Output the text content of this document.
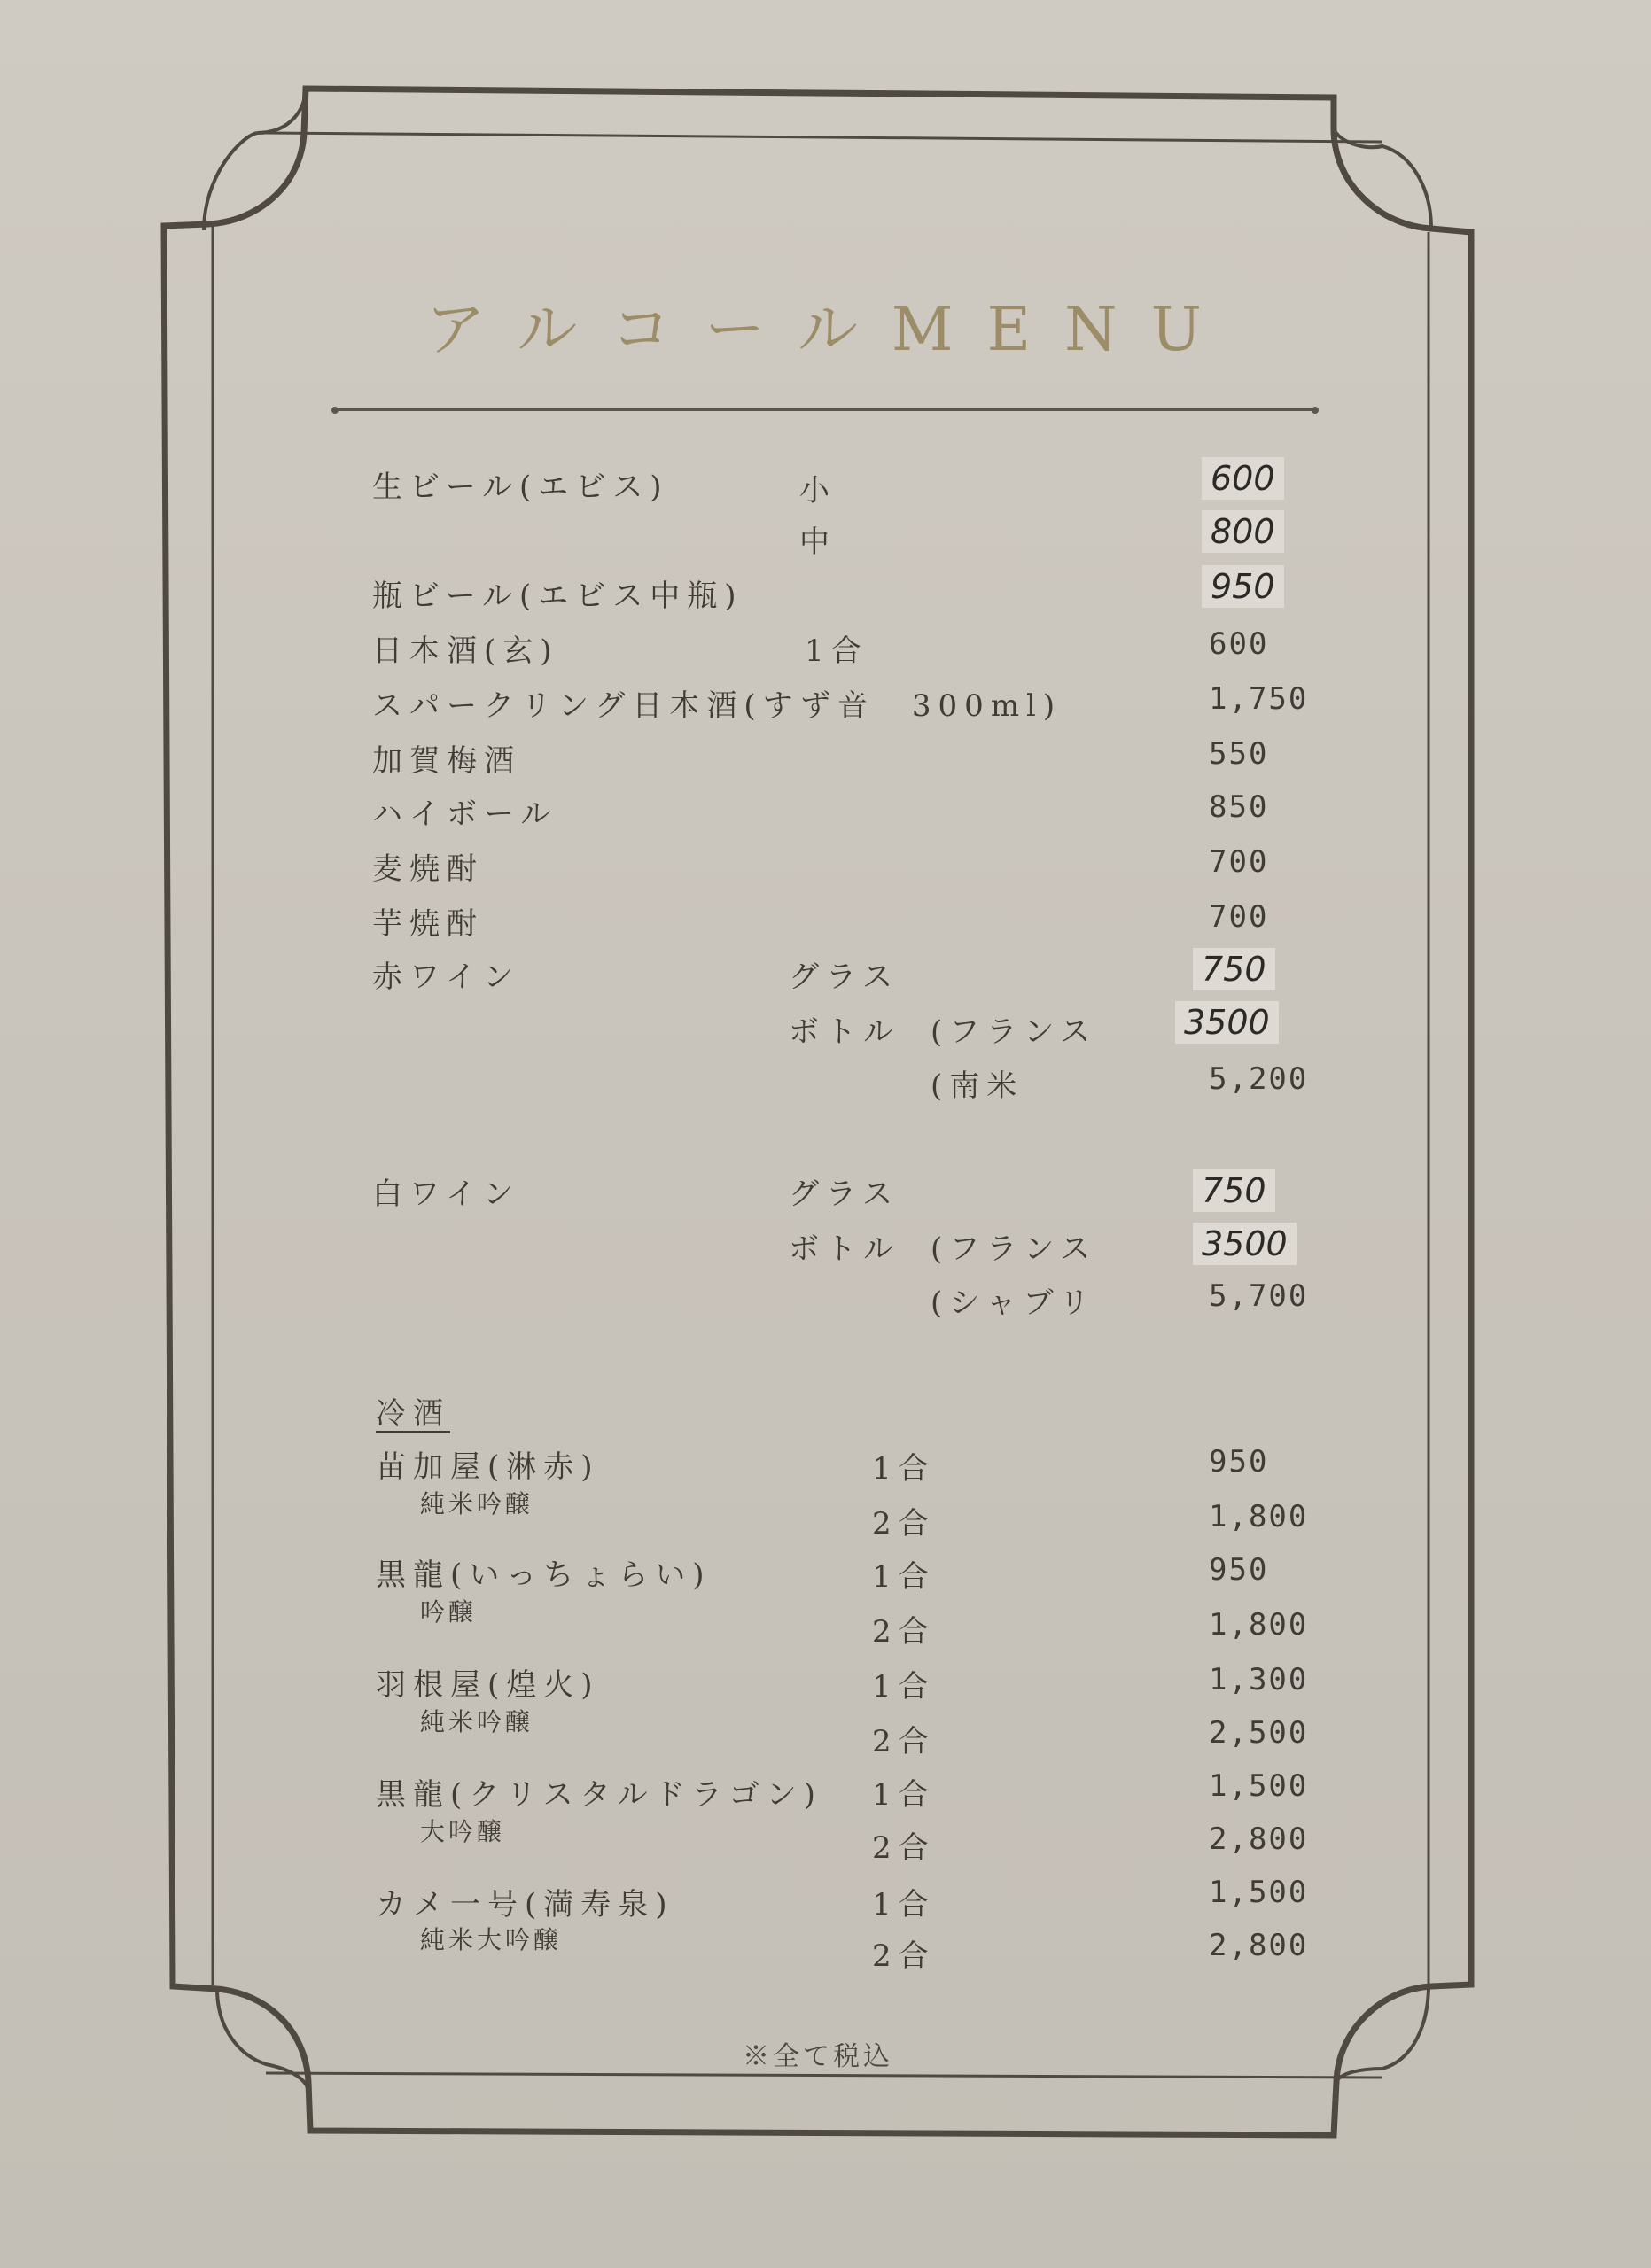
アルコールMENU
生ビール(エビス)	小	600
中	800
瓶ビール(エビス中瓶)	950
日本酒(玄)	1合	600
スパークリング日本酒(すず音　300ml)	1,750
加賀梅酒	550
ハイボール	850
麦焼酎	700
芋焼酎	700
赤ワイン	グラス	750
ボトル (フランス	3500
(南米	5,200
白ワイン	グラス	750
ボトル (フランス	3500
(シャブリ	5,700
冷酒
苗加屋(淋赤)
純米吟醸
1合	950
2合	1,800
黒龍(いっちょらい)
吟醸
1合	950
2合	1,800
羽根屋(煌火)
純米吟醸
1合	1,300
2合	2,500
黒龍(クリスタルドラゴン)
大吟醸
1合	1,500
2合	2,800
カメ一号(満寿泉)
純米大吟醸
1合	1,500
2合	2,800
※全て税込
